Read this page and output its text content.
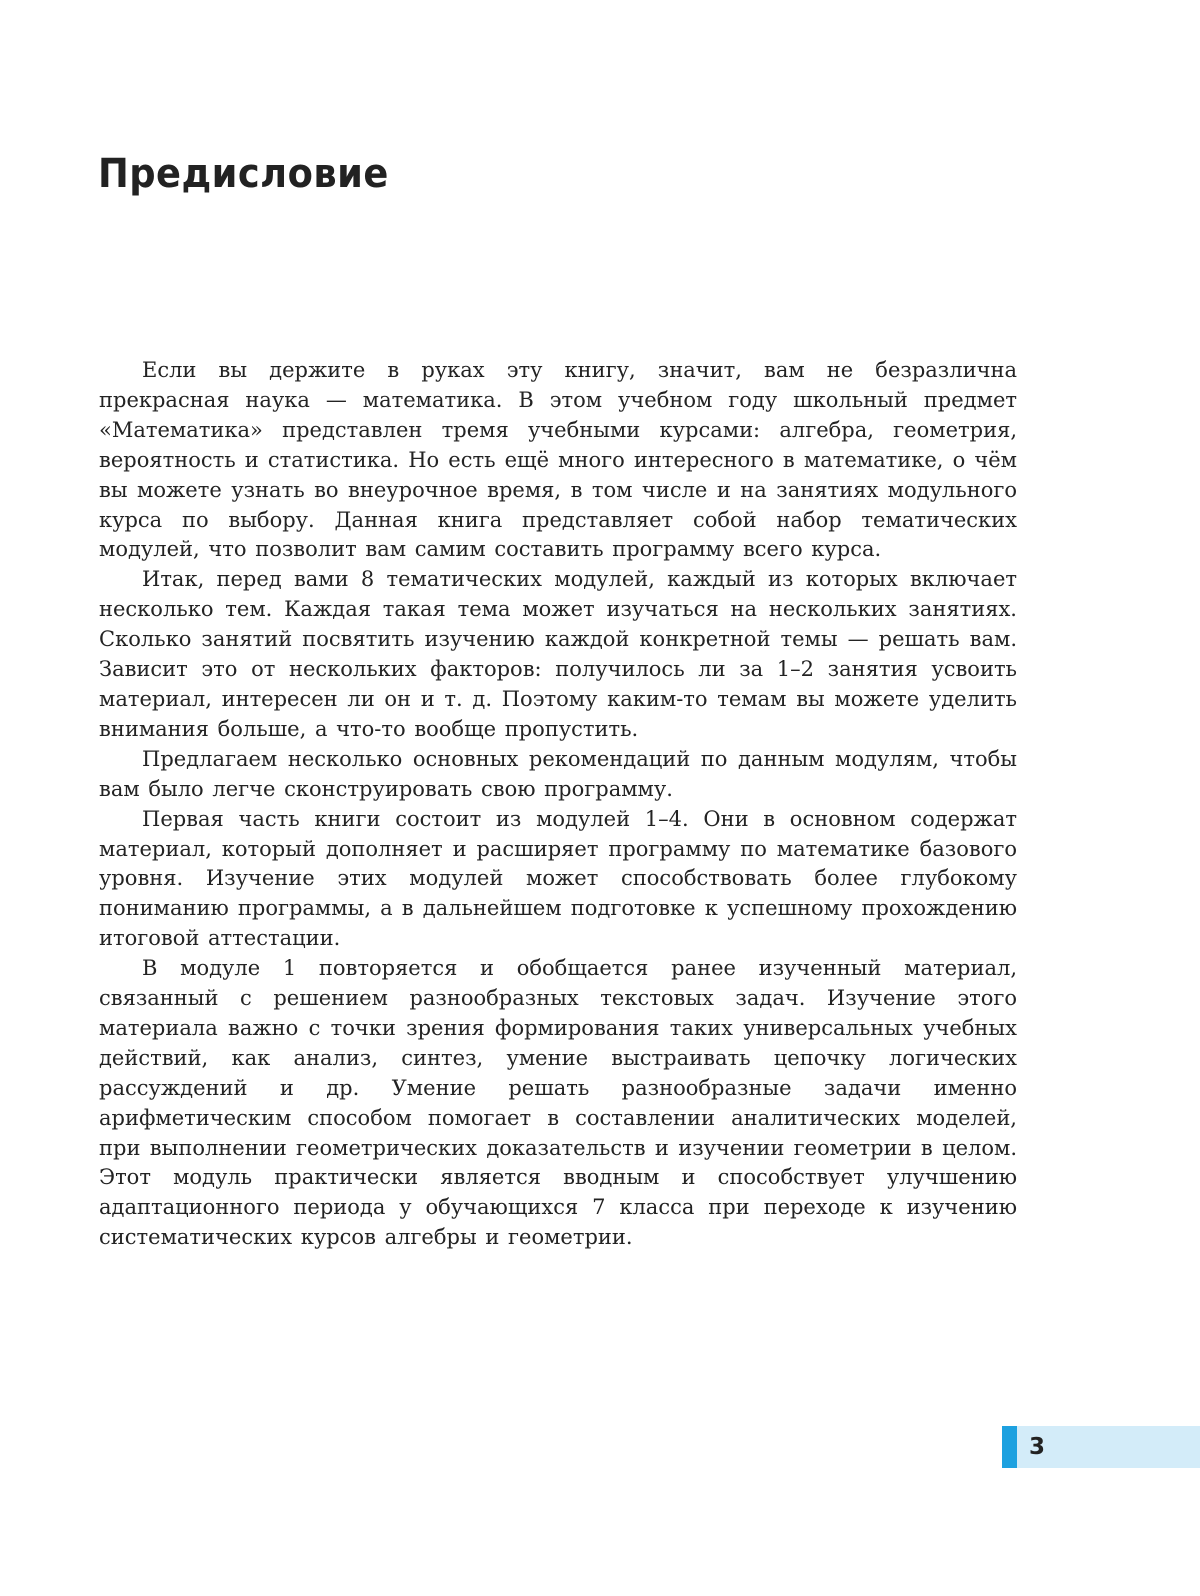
Предисловие

Если вы держите в руках эту книгу, значит, вам не безразлична прекрасная наука — математика. В этом учебном году школьный предмет «Математика» представлен тремя учебными курсами: алгебра, геометрия, вероятность и статистика. Но есть ещё много интересного в математике, о чём вы можете узнать во внеурочное время, в том числе и на занятиях модульного курса по выбору. Данная книга представляет собой набор тематических модулей, что позволит вам самим составить программу всего курса.

Итак, перед вами 8 тематических модулей, каждый из которых включает несколько тем. Каждая такая тема может изучаться на нескольких занятиях. Сколько занятий посвятить изучению каждой конкретной темы — решать вам. Зависит это от нескольких факторов: получилось ли за 1–2 занятия усвоить материал, интересен ли он и т. д. Поэтому каким-то темам вы можете уделить внимания больше, а что-то вообще пропустить.

Предлагаем несколько основных рекомендаций по данным модулям, чтобы вам было легче сконструировать свою программу.

Первая часть книги состоит из модулей 1–4. Они в основном содержат материал, который дополняет и расширяет программу по математике базового уровня. Изучение этих модулей может способствовать более глубокому пониманию программы, а в дальнейшем подготовке к успешному прохождению итоговой аттестации.

В модуле 1 повторяется и обобщается ранее изученный материал, связанный с решением разнообразных текстовых задач. Изучение этого материала важно с точки зрения формирования таких универсальных учебных действий, как анализ, синтез, умение выстраивать цепочку логических рассуждений и др. Умение решать разнообразные задачи именно арифметическим способом помогает в составлении аналитических моделей, при выполнении геометрических доказательств и изучении геометрии в целом. Этот модуль практически является вводным и способствует улучшению адаптационного периода у обучающихся 7 класса при переходе к изучению систематических курсов алгебры и геометрии.

3
